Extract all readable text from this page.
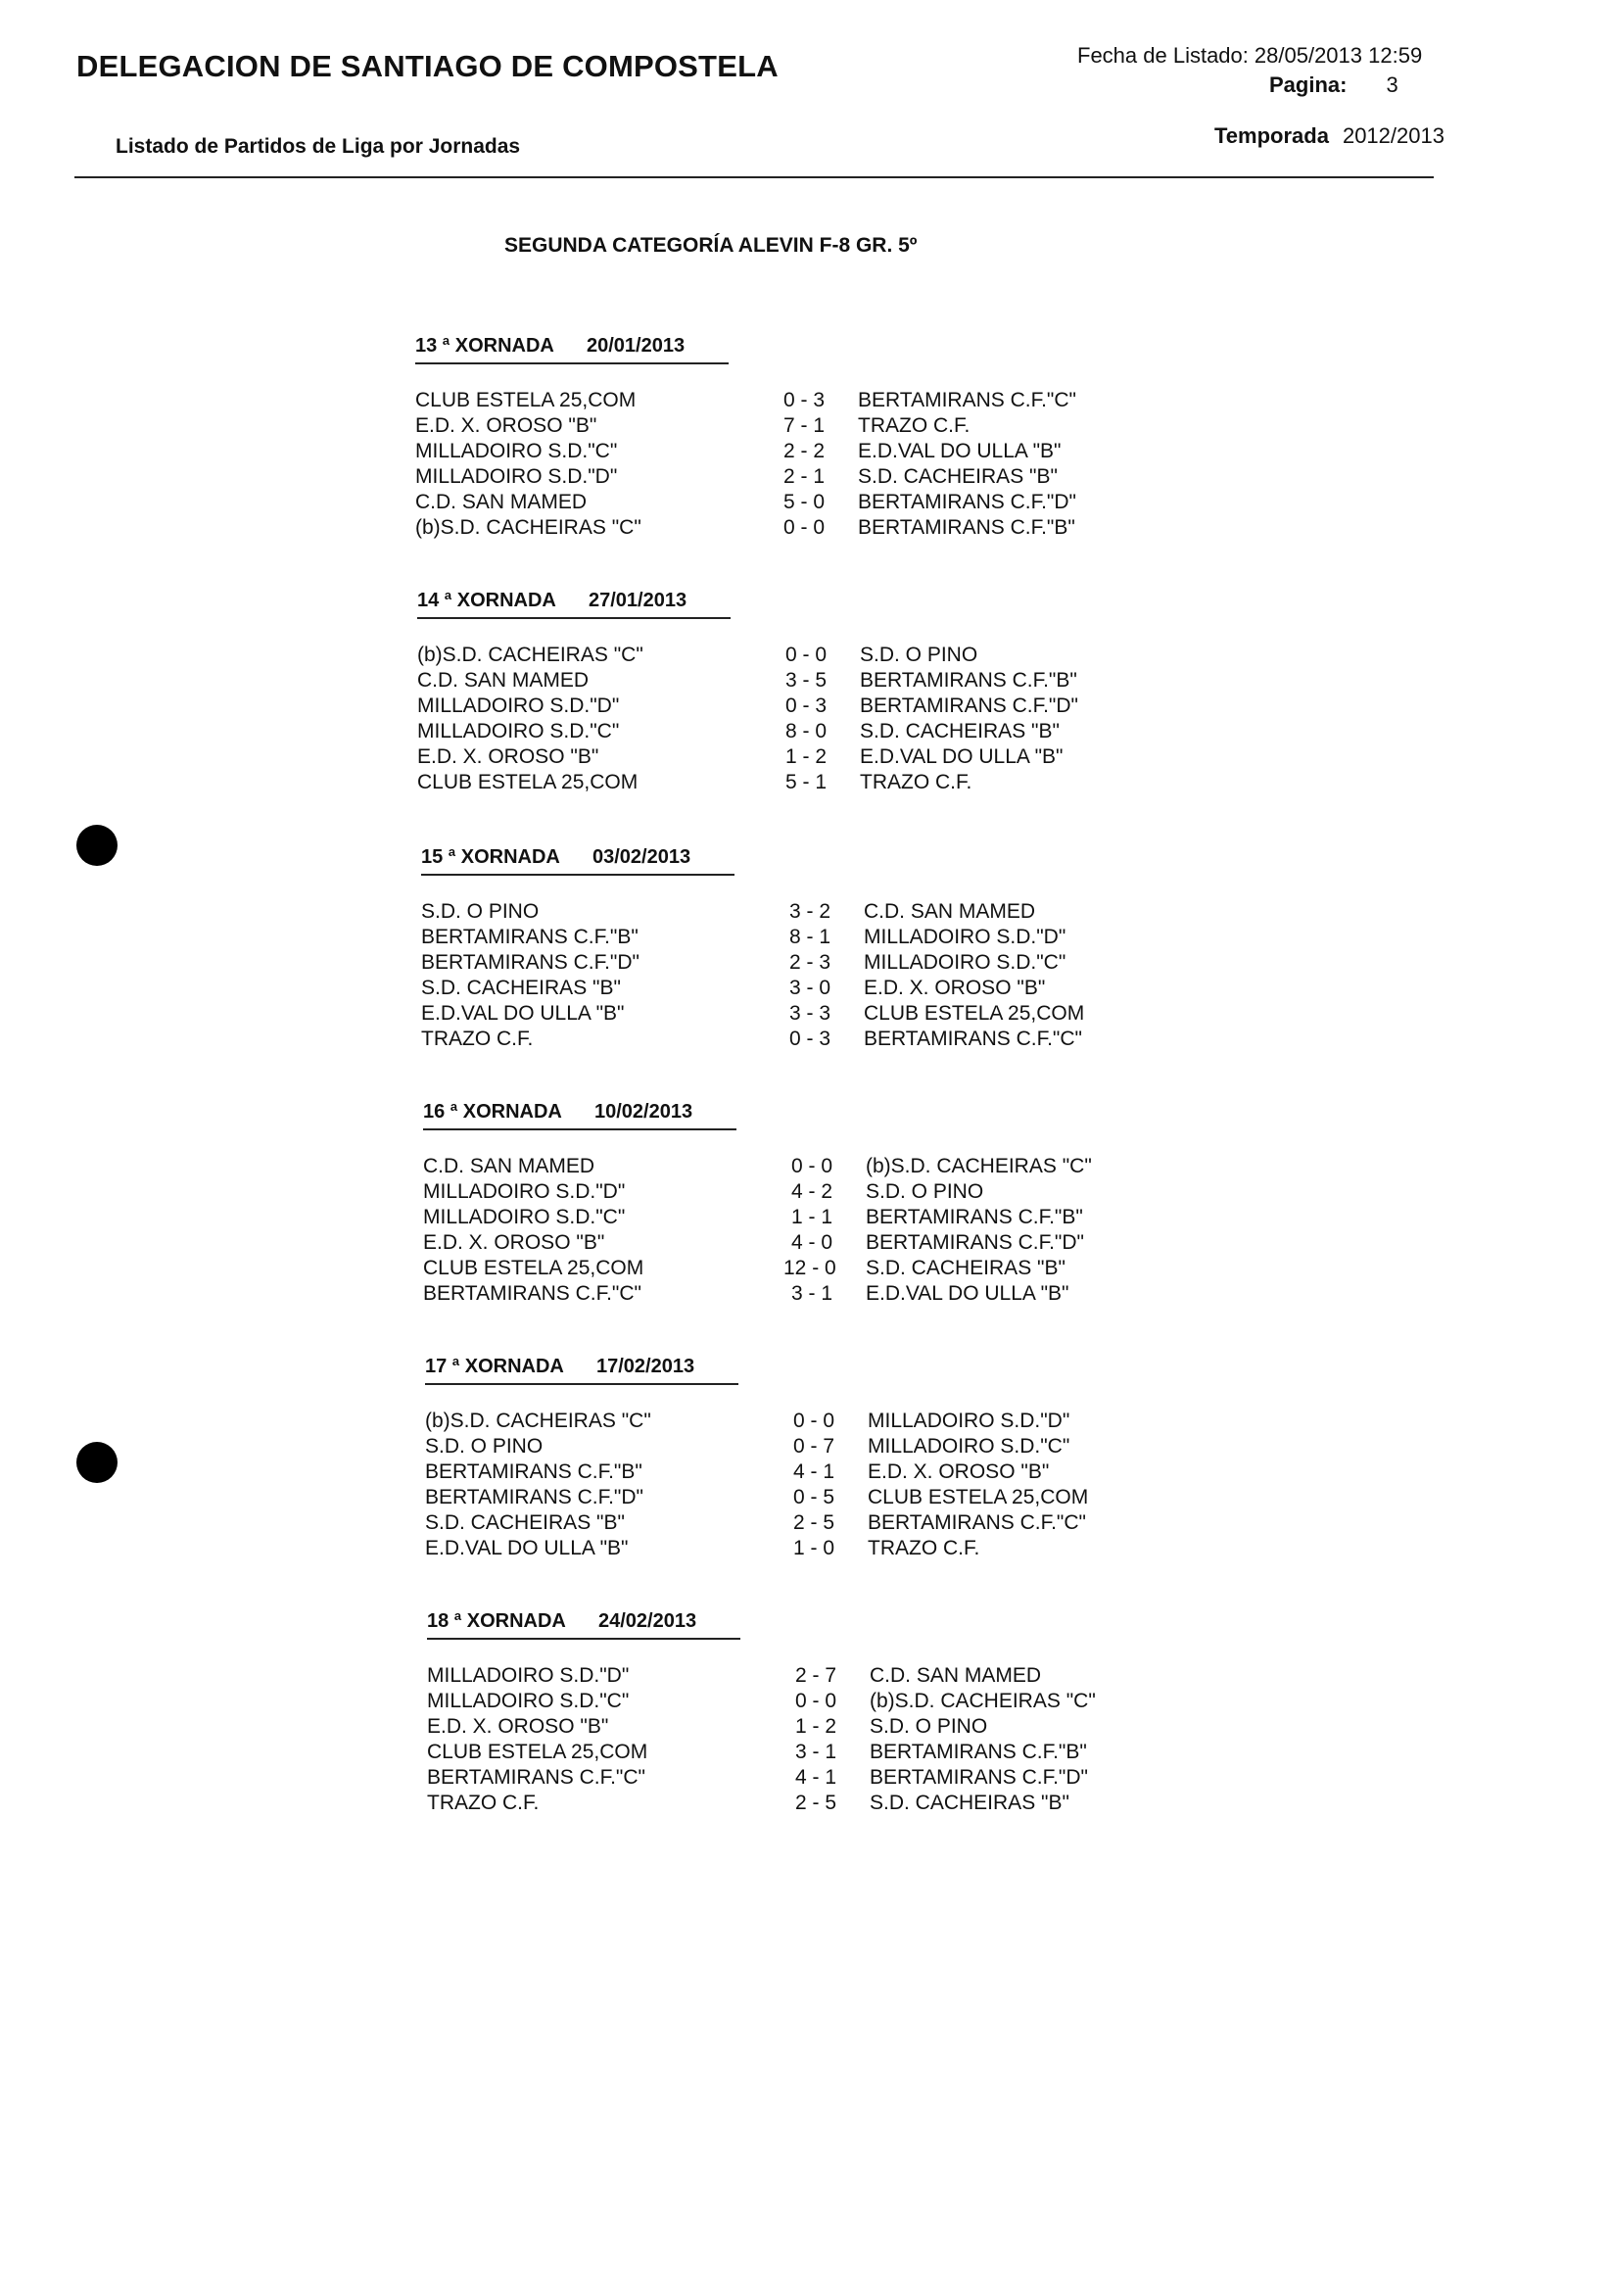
DELEGACION DE SANTIAGO DE COMPOSTELA	Fecha de Listado: 28/05/2013 12:59
Pagina: 3
Listado de Partidos de Liga por Jornadas	Temporada 2012/2013
SEGUNDA CATEGORÍA ALEVIN F-8 GR. 5º
13 ª XORNADA 20/01/2013
CLUB ESTELA 25,COM	0 - 3	BERTAMIRANS C.F."C"
E.D. X. OROSO "B"	7 - 1	TRAZO C.F.
MILLADOIRO S.D."C"	2 - 2	E.D.VAL DO ULLA "B"
MILLADOIRO S.D."D"	2 - 1	S.D. CACHEIRAS "B"
C.D. SAN MAMED	5 - 0	BERTAMIRANS C.F."D"
(b)S.D. CACHEIRAS "C"	0 - 0	BERTAMIRANS C.F."B"
14 ª XORNADA 27/01/2013
(b)S.D. CACHEIRAS "C"	0 - 0	S.D. O PINO
C.D. SAN MAMED	3 - 5	BERTAMIRANS C.F."B"
MILLADOIRO S.D."D"	0 - 3	BERTAMIRANS C.F."D"
MILLADOIRO S.D."C"	8 - 0	S.D. CACHEIRAS "B"
E.D. X. OROSO "B"	1 - 2	E.D.VAL DO ULLA "B"
CLUB ESTELA 25,COM	5 - 1	TRAZO C.F.
15 ª XORNADA 03/02/2013
S.D. O PINO	3 - 2	C.D. SAN MAMED
BERTAMIRANS C.F."B"	8 - 1	MILLADOIRO S.D."D"
BERTAMIRANS C.F."D"	2 - 3	MILLADOIRO S.D."C"
S.D. CACHEIRAS "B"	3 - 0	E.D. X. OROSO "B"
E.D.VAL DO ULLA "B"	3 - 3	CLUB ESTELA 25,COM
TRAZO C.F.	0 - 3	BERTAMIRANS C.F."C"
16 ª XORNADA 10/02/2013
C.D. SAN MAMED	0 - 0	(b)S.D. CACHEIRAS "C"
MILLADOIRO S.D."D"	4 - 2	S.D. O PINO
MILLADOIRO S.D."C"	1 - 1	BERTAMIRANS C.F."B"
E.D. X. OROSO "B"	4 - 0	BERTAMIRANS C.F."D"
CLUB ESTELA 25,COM	12 - 0 S.D. CACHEIRAS "B"
BERTAMIRANS C.F."C"	3 - 1	E.D.VAL DO ULLA "B"
17 ª XORNADA 17/02/2013
(b)S.D. CACHEIRAS "C"	0 - 0	MILLADOIRO S.D."D"
S.D. O PINO	0 - 7	MILLADOIRO S.D."C"
BERTAMIRANS C.F."B"	4 - 1	E.D. X. OROSO "B"
BERTAMIRANS C.F."D"	0 - 5	CLUB ESTELA 25,COM
S.D. CACHEIRAS "B"	2 - 5	BERTAMIRANS C.F."C"
E.D.VAL DO ULLA "B"	1 - 0	TRAZO C.F.
18 ª XORNADA 24/02/2013
MILLADOIRO S.D."D"	2 - 7	C.D. SAN MAMED
MILLADOIRO S.D."C"	0 - 0	(b)S.D. CACHEIRAS "C"
E.D. X. OROSO "B"	1 - 2	S.D. O PINO
CLUB ESTELA 25,COM	3 - 1	BERTAMIRANS C.F."B"
BERTAMIRANS C.F."C"	4 - 1	BERTAMIRANS C.F."D"
TRAZO C.F.	2 - 5	S.D. CACHEIRAS "B"
